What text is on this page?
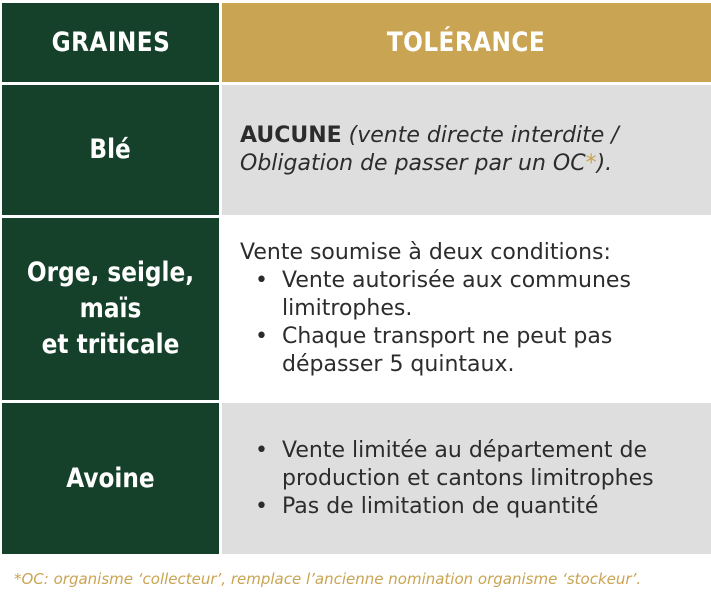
GRAINES	TOLÉRANCE
Blé	AUCUNE (vente directe interdite / Obligation de passer par un OC*).
Orge, seigle, maïs
et triticale
Vente soumise à deux conditions:
• Vente autorisée aux communes limitrophes.
• Chaque transport ne peut pas dépasser 5 quintaux.
Avoine
• Vente limitée au département de production et cantons limitrophes
• Pas de limitation de quantité
*OC: organisme ‘collecteur’, remplace l’ancienne nomination organisme ‘stockeur’.
